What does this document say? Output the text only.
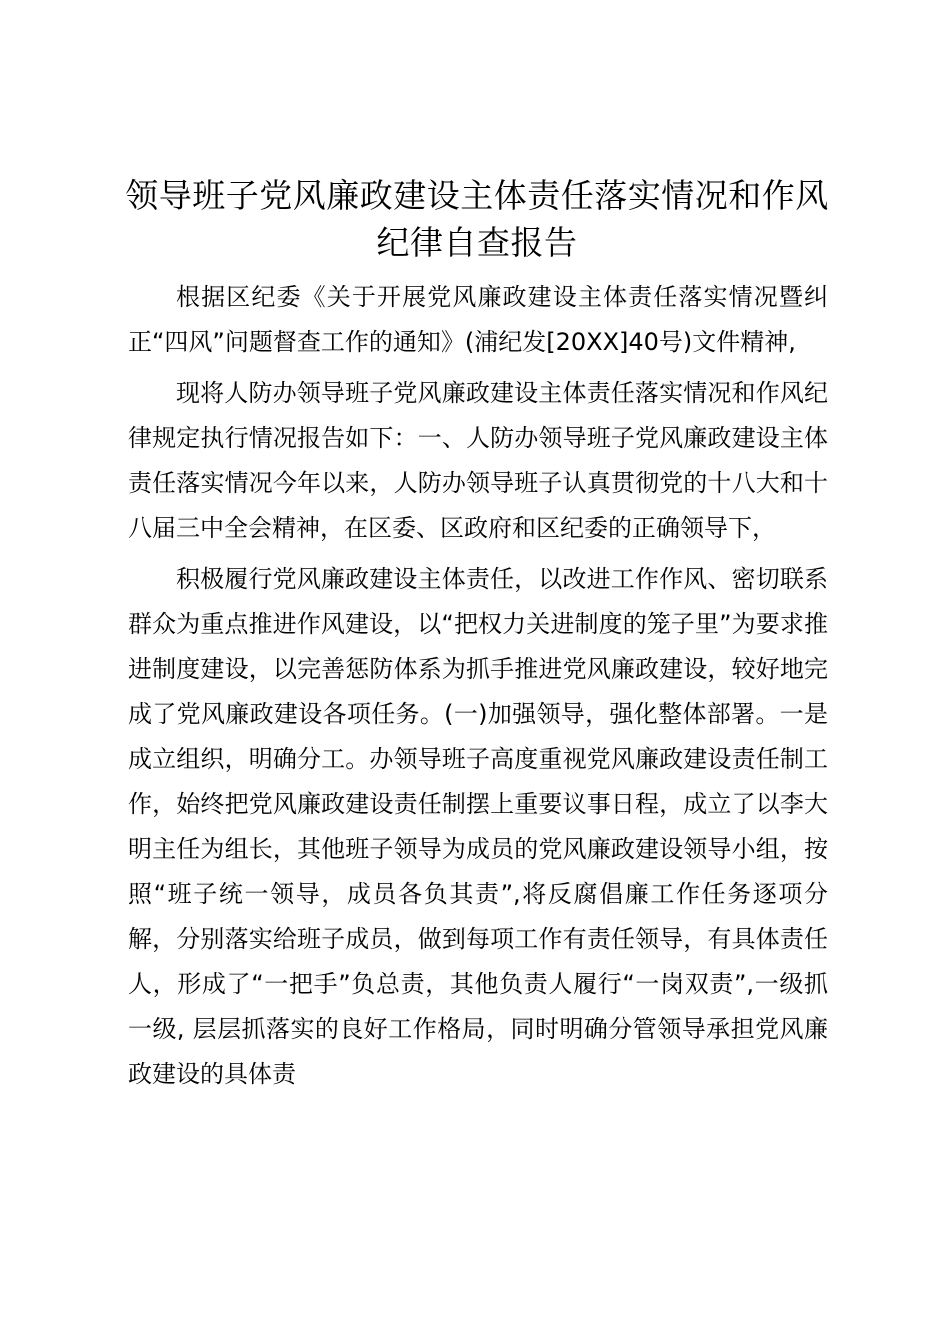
领导班子党风廉政建设主体责任落实情况和作风纪律自查报告

根据区纪委《关于开展党风廉政建设主体责任落实情况暨纠正“四风”问题督查工作的通知》(浦纪发[20XX]40号)文件精神,

现将人防办领导班子党风廉政建设主体责任落实情况和作风纪律规定执行情况报告如下：一、人防办领导班子党风廉政建设主体责任落实情况今年以来，人防办领导班子认真贯彻党的十八大和十八届三中全会精神，在区委、区政府和区纪委的正确领导下，

积极履行党风廉政建设主体责任，以改进工作作风、密切联系群众为重点推进作风建设，以“把权力关进制度的笼子里”为要求推进制度建设，以完善惩防体系为抓手推进党风廉政建设，较好地完成了党风廉政建设各项任务。(一)加强领导，强化整体部署。一是成立组织，明确分工。办领导班子高度重视党风廉政建设责任制工作，始终把党风廉政建设责任制摆上重要议事日程，成立了以李大明主任为组长，其他班子领导为成员的党风廉政建设领导小组，按照“班子统一领导，成员各负其责”,将反腐倡廉工作任务逐项分解，分别落实给班子成员，做到每项工作有责任领导，有具体责任人，形成了“一把手”负总责，其他负责人履行“一岗双责”,一级抓一级, 层层抓落实的良好工作格局，同时明确分管领导承担党风廉政建设的具体责
